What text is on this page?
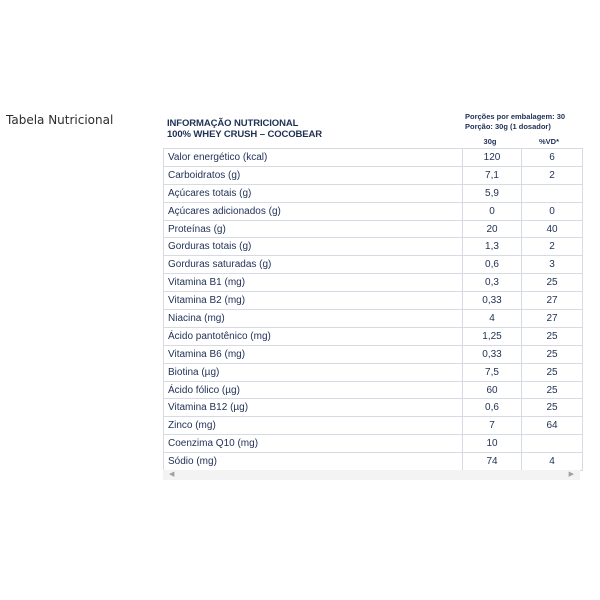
Tabela Nutricional	INFORMAÇÃO NUTRICIONAL
100% WHEY CRUSH – COCOBEAR
Porções por embalagem: 30
Porção: 30g (1 dosador)
30g	%VD*
Valor energético (kcal)	120	6
Carboidratos (g)	7,1	2
Açúcares totais (g)	5,9	
Açúcares adicionados (g)	0	0
Proteínas (g)	20	40
Gorduras totais (g)	1,3	2
Gorduras saturadas (g)	0,6	3
Vitamina B1 (mg)	0,3	25
Vitamina B2 (mg)	0,33	27
Niacina (mg)	4	27
Ácido pantotênico (mg)	1,25	25
Vitamina B6 (mg)	0,33	25
Biotina (µg)	7,5	25
Ácido fólico (µg)	60	25
Vitamina B12 (µg)	0,6	25
Zinco (mg)	7	64
Coenzima Q10 (mg)	10	
Sódio (mg)	74	4
◀	▶
